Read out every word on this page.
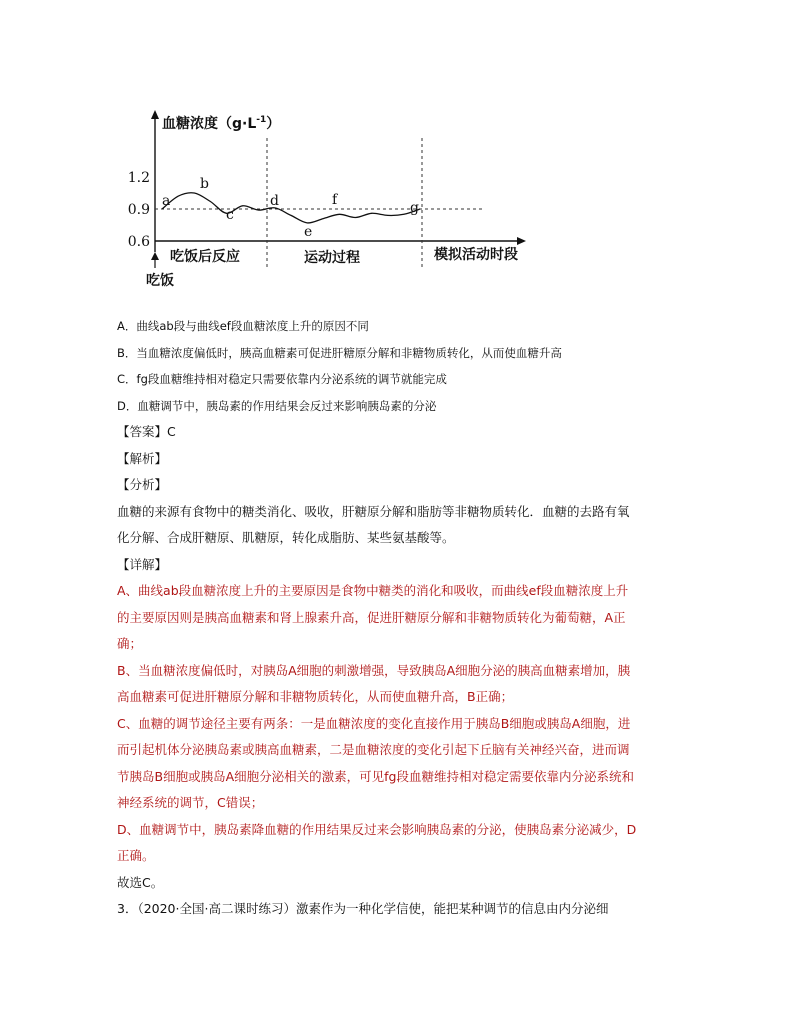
血糖浓度$(g\cdot L^{-1})$
1.2
0.9
0.6
a
b
c
d
e
f	g
吃饭后反应	运动过程	模拟活动时段
吃饭
A．曲线ab段与曲线ef段血糖浓度上升的原因不同
B．当血糖浓度偏低时，胰高血糖素可促进肝糖原分解和非糖物质转化，从而使血糖升高
C．fg段血糖维持相对稳定只需要依靠内分泌系统的调节就能完成
D．血糖调节中，胰岛素的作用结果会反过来影响胰岛素的分泌
【答案】C
【解析】
【分析】
血糖的来源有食物中的糖类消化、吸收，肝糖原分解和脂肪等非糖物质转化．血糖的去路有氧
化分解、合成肝糖原、肌糖原，转化成脂肪、某些氨基酸等。
【详解】
A、曲线ab段血糖浓度上升的主要原因是食物中糖类的消化和吸收，而曲线ef段血糖浓度上升
的主要原因则是胰高血糖素和肾上腺素升高，促进肝糖原分解和非糖物质转化为葡萄糖，A正
确；
B、当血糖浓度偏低时，对胰岛A细胞的刺激增强，导致胰岛A细胞分泌的胰高血糖素增加，胰
高血糖素可促进肝糖原分解和非糖物质转化，从而使血糖升高，B正确；
C、血糖的调节途径主要有两条：一是血糖浓度的变化直接作用于胰岛B细胞或胰岛A细胞，进
而引起机体分泌胰岛素或胰高血糖素，二是血糖浓度的变化引起下丘脑有关神经兴奋，进而调
节胰岛B细胞或胰岛A细胞分泌相关的激素，可见fg段血糖维持相对稳定需要依靠内分泌系统和
神经系统的调节，C错误；
D、血糖调节中，胰岛素降血糖的作用结果反过来会影响胰岛素的分泌，使胰岛素分泌减少，D
正确。
故选C。
3．（2020·全国·高二课时练习）激素作为一种化学信使，能把某种调节的信息由内分泌细
